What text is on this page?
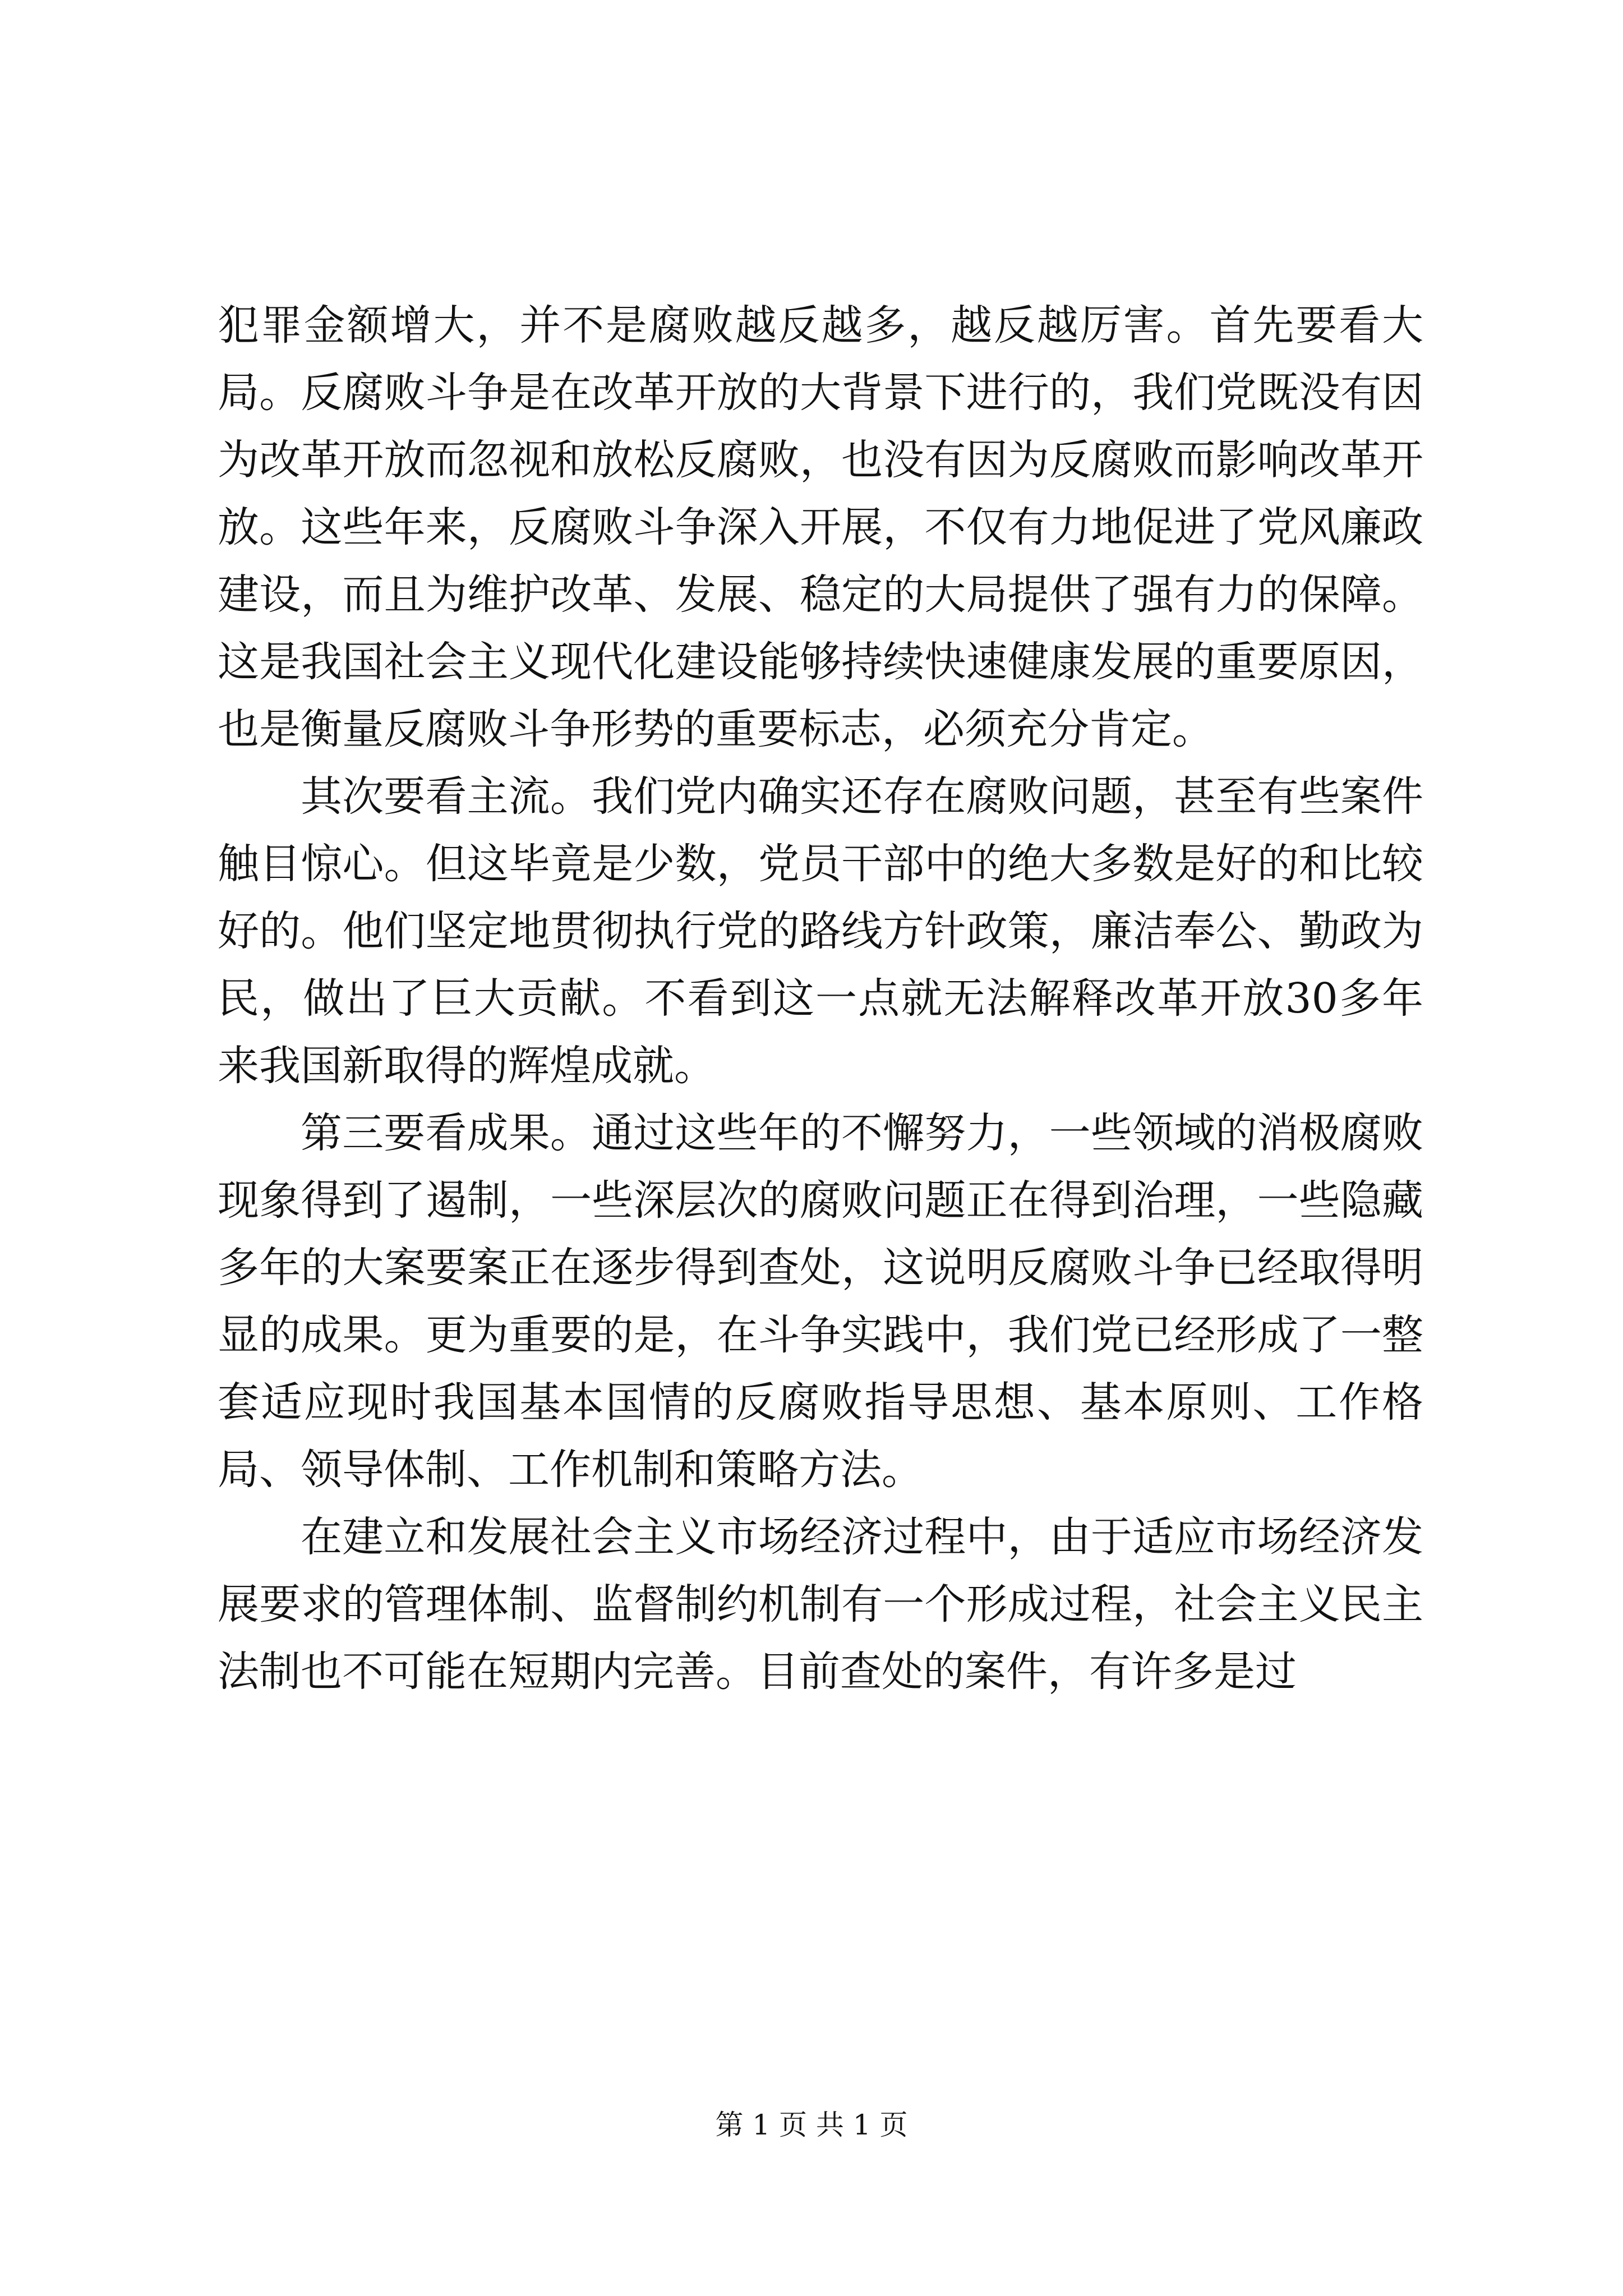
犯罪金额增大，并不是腐败越反越多，越反越厉害。首先要看大局。反腐败斗争是在改革开放的大背景下进行的，我们党既没有因为改革开放而忽视和放松反腐败，也没有因为反腐败而影响改革开放。这些年来，反腐败斗争深入开展，不仅有力地促进了党风廉政建设，而且为维护改革、发展、稳定的大局提供了强有力的保障。这是我国社会主义现代化建设能够持续快速健康发展的重要原因，也是衡量反腐败斗争形势的重要标志，必须充分肯定。

其次要看主流。我们党内确实还存在腐败问题，甚至有些案件触目惊心。但这毕竟是少数，党员干部中的绝大多数是好的和比较好的。他们坚定地贯彻执行党的路线方针政策，廉洁奉公、勤政为民，做出了巨大贡献。不看到这一点就无法解释改革开放30多年来我国新取得的辉煌成就。

第三要看成果。通过这些年的不懈努力，一些领域的消极腐败现象得到了遏制，一些深层次的腐败问题正在得到治理，一些隐藏多年的大案要案正在逐步得到查处，这说明反腐败斗争已经取得明显的成果。更为重要的是，在斗争实践中，我们党已经形成了一整套适应现时我国基本国情的反腐败指导思想、基本原则、工作格局、领导体制、工作机制和策略方法。

在建立和发展社会主义市场经济过程中，由于适应市场经济发展要求的管理体制、监督制约机制有一个形成过程，社会主义民主法制也不可能在短期内完善。目前查处的案件，有许多是过

第 1 页 共 1 页
